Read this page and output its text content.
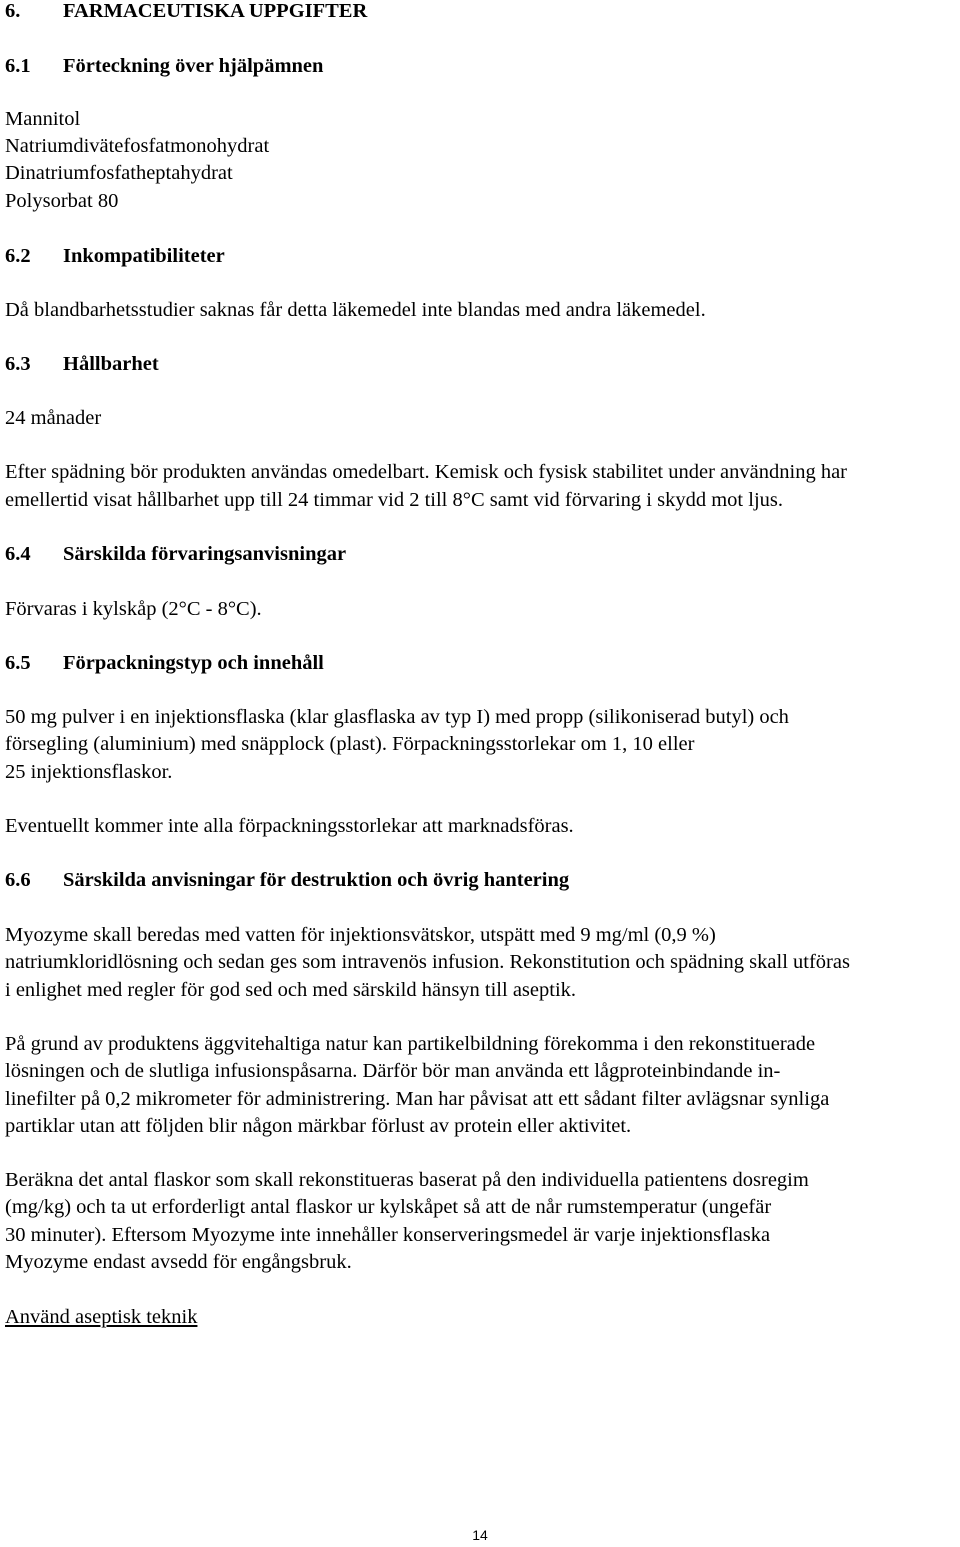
6. FARMACEUTISKA UPPGIFTER
6.1 Förteckning över hjälpämnen
Mannitol
Natriumdivätefosfatmonohydrat
Dinatriumfosfatheptahydrat
Polysorbat 80
6.2 Inkompatibiliteter
Då blandbarhetsstudier saknas får detta läkemedel inte blandas med andra läkemedel.
6.3 Hållbarhet
24 månader
Efter spädning bör produkten användas omedelbart. Kemisk och fysisk stabilitet under användning har
emellertid visat hållbarhet upp till 24 timmar vid 2 till 8°C samt vid förvaring i skydd mot ljus.
6.4 Särskilda förvaringsanvisningar
Förvaras i kylskåp (2°C - 8°C).
6.5 Förpackningstyp och innehåll
50 mg pulver i en injektionsflaska (klar glasflaska av typ I) med propp (silikoniserad butyl) och
försegling (aluminium) med snäpplock (plast). Förpackningsstorlekar om 1, 10 eller
25 injektionsflaskor.
Eventuellt kommer inte alla förpackningsstorlekar att marknadsföras.
6.6 Särskilda anvisningar för destruktion och övrig hantering
Myozyme skall beredas med vatten för injektionsvätskor, utspätt med 9 mg/ml (0,9 %)
natriumkloridlösning och sedan ges som intravenös infusion. Rekonstitution och spädning skall utföras
i enlighet med regler för god sed och med särskild hänsyn till aseptik.
På grund av produktens äggvitehaltiga natur kan partikelbildning förekomma i den rekonstituerade
lösningen och de slutliga infusionspåsarna. Därför bör man använda ett lågproteinbindande in-
linefilter på 0,2 mikrometer för administrering. Man har påvisat att ett sådant filter avlägsnar synliga
partiklar utan att följden blir någon märkbar förlust av protein eller aktivitet.
Beräkna det antal flaskor som skall rekonstitueras baserat på den individuella patientens dosregim
(mg/kg) och ta ut erforderligt antal flaskor ur kylskåpet så att de når rumstemperatur (ungefär
30 minuter). Eftersom Myozyme inte innehåller konserveringsmedel är varje injektionsflaska
Myozyme endast avsedd för engångsbruk.
Använd aseptisk teknik
14
